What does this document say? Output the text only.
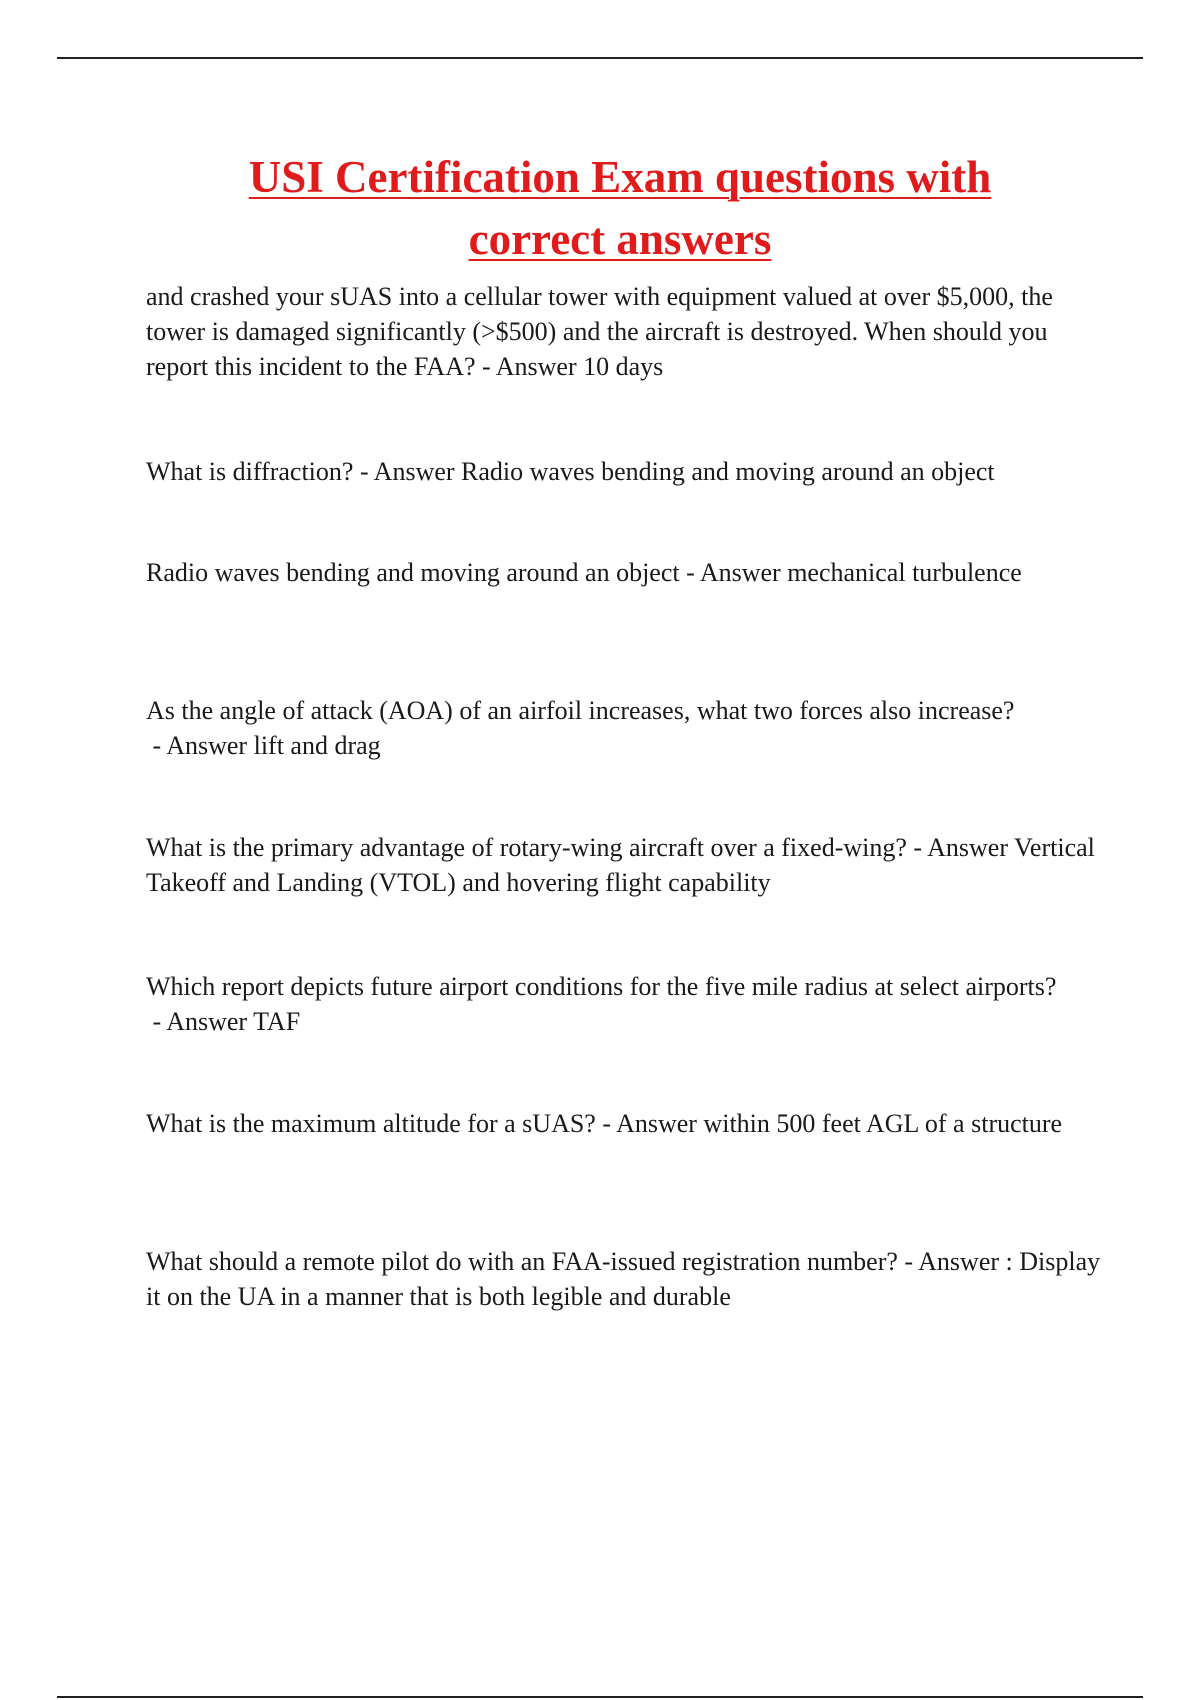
USI Certification Exam questions with
correct answers

and crashed your sUAS into a cellular tower with equipment valued at over $5,000, the tower is damaged significantly (>$500) and the aircraft is destroyed. When should you report this incident to the FAA? - Answer 10 days

What is diffraction? - Answer Radio waves bending and moving around an object

Radio waves bending and moving around an object - Answer mechanical turbulence

As the angle of attack (AOA) of an airfoil increases, what two forces also increase? - Answer lift and drag

What is the primary advantage of rotary-wing aircraft over a fixed-wing? - Answer Vertical Takeoff and Landing (VTOL) and hovering flight capability

Which report depicts future airport conditions for the five mile radius at select airports? - Answer TAF

What is the maximum altitude for a sUAS? - Answer within 500 feet AGL of a structure

What should a remote pilot do with an FAA-issued registration number? - Answer : Display it on the UA in a manner that is both legible and durable
